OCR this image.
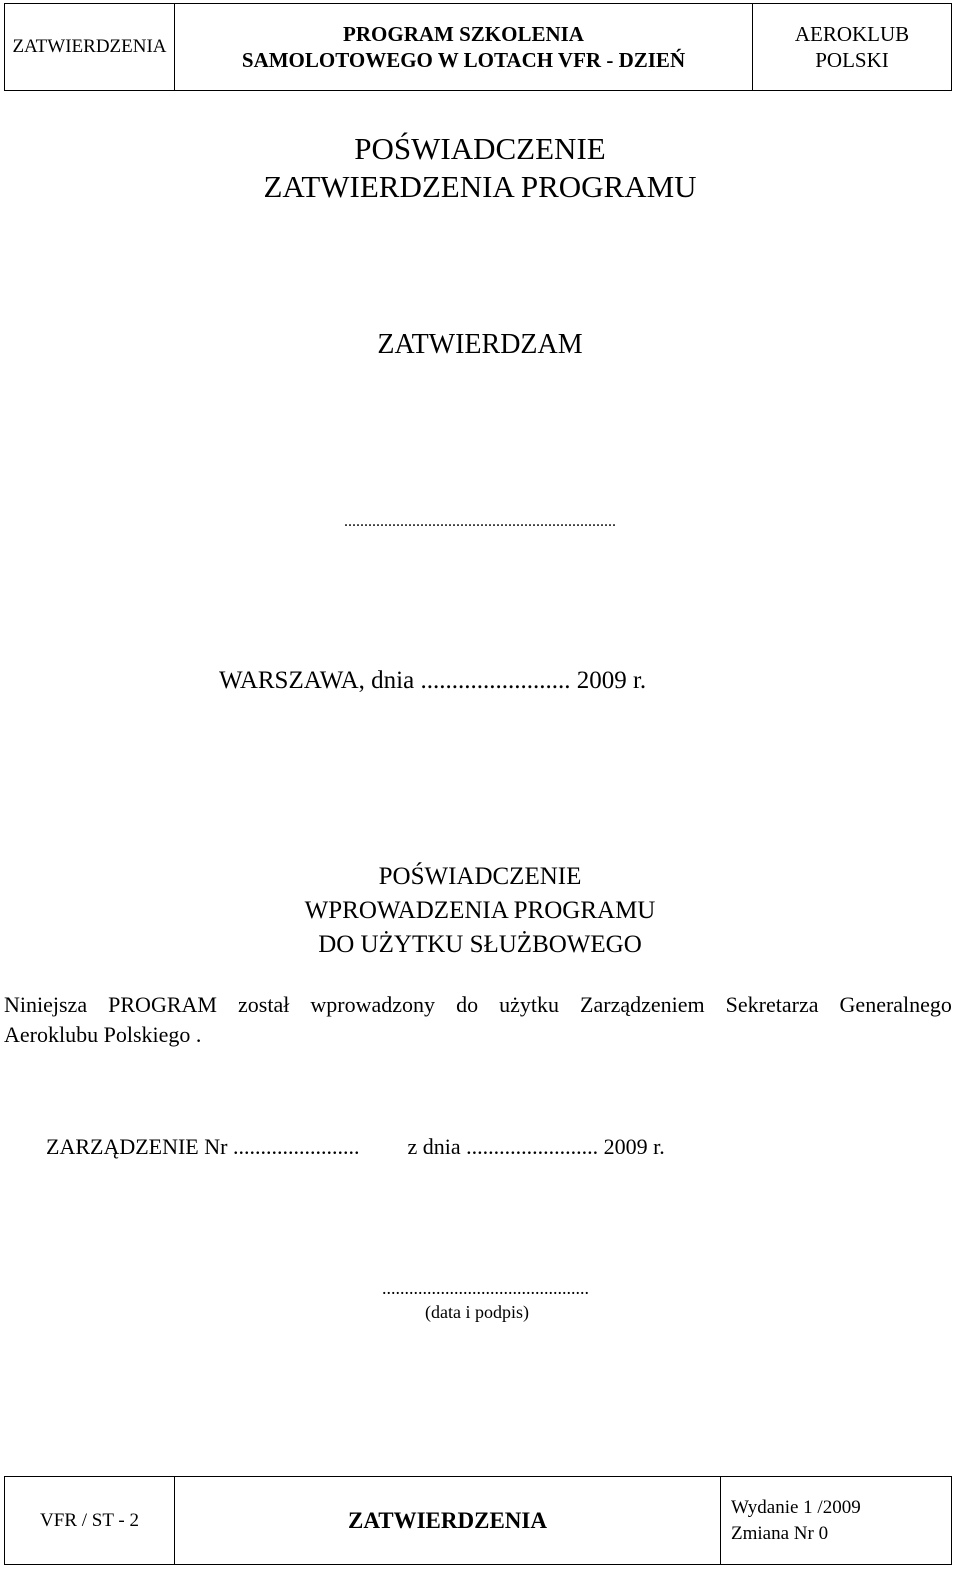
ZATWIERDZENIA
PROGRAM SZKOLENIA
SAMOLOTOWEGO W LOTACH VFR - DZIEŃ
AEROKLUB
POLSKI
POŚWIADCZENIE
ZATWIERDZENIA PROGRAMU
ZATWIERDZAM
....................................................................
WARSZAWA, dnia ........................ 2009 r.
POŚWIADCZENIE
WPROWADZENIA PROGRAMU
DO UŻYTKU SŁUŻBOWEGO
Niniejsza PROGRAM został wprowadzony do użytku Zarządzeniem Sekretarza Generalnego
Aeroklubu Polskiego .
ZARZĄDZENIE Nr ....................... z dnia ........................ 2009 r.
..............................................
(data i podpis)
VFR / ST - 2	ZATWIERDZENIA
Wydanie 1 /2009
Zmiana Nr 0
